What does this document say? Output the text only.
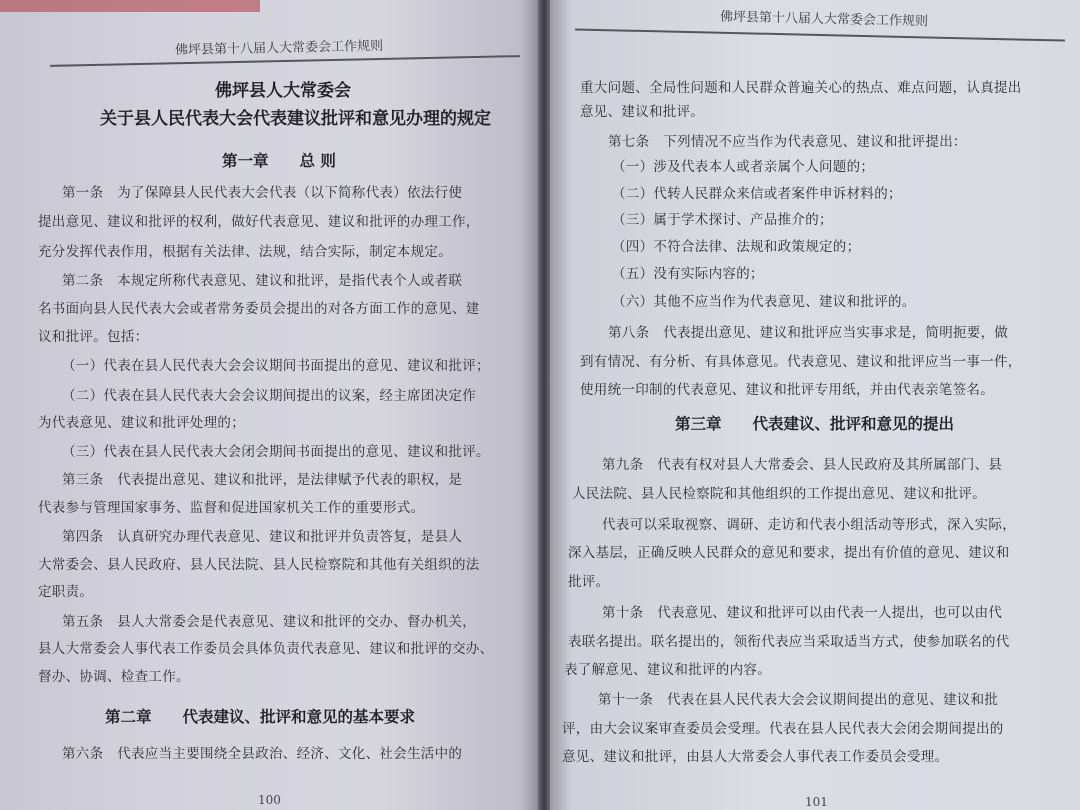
佛坪县第十八届人大常委会工作规则
佛坪县人大常委会
关于县人民代表大会代表建议批评和意见办理的规定
第一章　　总 则
第一条　为了保障县人民代表大会代表（以下简称代表）依法行使
提出意见、建议和批评的权利，做好代表意见、建议和批评的办理工作，
充分发挥代表作用，根据有关法律、法规，结合实际，制定本规定。
第二条　本规定所称代表意见、建议和批评，是指代表个人或者联
名书面向县人民代表大会或者常务委员会提出的对各方面工作的意见、建
议和批评。包括：
（一）代表在县人民代表大会会议期间书面提出的意见、建议和批评；
（二）代表在县人民代表大会会议期间提出的议案，经主席团决定作
为代表意见、建议和批评处理的；
（三）代表在县人民代表大会闭会期间书面提出的意见、建议和批评。
第三条　代表提出意见、建议和批评，是法律赋予代表的职权，是
代表参与管理国家事务、监督和促进国家机关工作的重要形式。
第四条　认真研究办理代表意见、建议和批评并负责答复，是县人
大常委会、县人民政府、县人民法院、县人民检察院和其他有关组织的法
定职责。
第五条　县人大常委会是代表意见、建议和批评的交办、督办机关，
县人大常委会人事代表工作委员会具体负责代表意见、建议和批评的交办、
督办、协调、检查工作。
第二章　　代表建议、批评和意见的基本要求
第六条　代表应当主要围绕全县政治、经济、文化、社会生活中的
100
佛坪县第十八届人大常委会工作规则
重大问题、全局性问题和人民群众普遍关心的热点、难点问题，认真提出
意见、建议和批评。
第七条　下列情况不应当作为代表意见、建议和批评提出：
（一）涉及代表本人或者亲属个人问题的；
（二）代转人民群众来信或者案件申诉材料的；
（三）属于学术探讨、产品推介的；
（四）不符合法律、法规和政策规定的；
（五）没有实际内容的；
（六）其他不应当作为代表意见、建议和批评的。
第八条　代表提出意见、建议和批评应当实事求是，简明扼要，做
到有情况、有分析、有具体意见。代表意见、建议和批评应当一事一件，
使用统一印制的代表意见、建议和批评专用纸，并由代表亲笔签名。
第三章　　代表建议、批评和意见的提出
第九条　代表有权对县人大常委会、县人民政府及其所属部门、县
人民法院、县人民检察院和其他组织的工作提出意见、建议和批评。
代表可以采取视察、调研、走访和代表小组活动等形式，深入实际，
深入基层，正确反映人民群众的意见和要求，提出有价值的意见、建议和
批评。
第十条　代表意见、建议和批评可以由代表一人提出，也可以由代
表联名提出。联名提出的，领衔代表应当采取适当方式，使参加联名的代
表了解意见、建议和批评的内容。
第十一条　代表在县人民代表大会会议期间提出的意见、建议和批
评，由大会议案审查委员会受理。代表在县人民代表大会闭会期间提出的
意见、建议和批评，由县人大常委会人事代表工作委员会受理。
101
